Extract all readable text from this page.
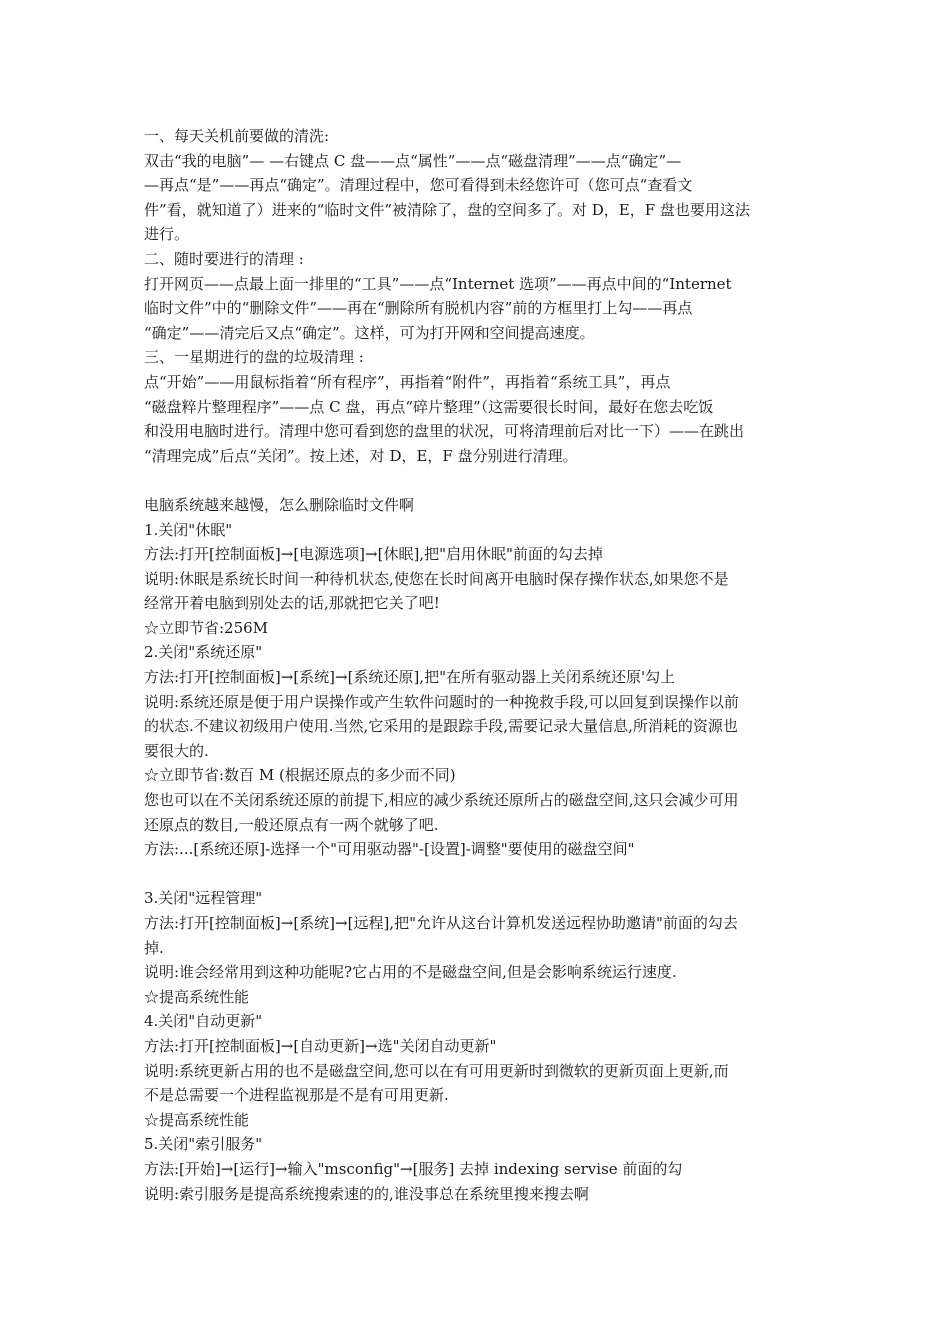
一、每天关机前要做的清洗:
双击“我的电脑”— —右键点 C 盘——点“属性”——点“磁盘清理”——点“确定”—
—再点“是”——再点“确定”。清理过程中，您可看得到未经您许可（您可点“查看文
件”看，就知道了）进来的“临时文件”被清除了，盘的空间多了。对 D，E，F 盘也要用这法
进行。
二、随时要进行的清理 :
打开网页——点最上面一排里的“工具”——点“Internet 选项”——再点中间的“Internet
临时文件”中的“删除文件”——再在“删除所有脱机内容”前的方框里打上勾——再点
“确定”——清完后又点“确定”。这样，可为打开网和空间提高速度。
三、一星期进行的盘的垃圾清理 :
点“开始”——用鼠标指着“所有程序”，再指着“附件”，再指着“系统工具”，再点
“磁盘粹片整理程序”——点 C 盘，再点“碎片整理”（这需要很长时间，最好在您去吃饭
和没用电脑时进行。清理中您可看到您的盘里的状况，可将清理前后对比一下）——在跳出
“清理完成”后点“关闭”。按上述，对 D，E，F 盘分别进行清理。
电脑系统越来越慢，怎么删除临时文件啊
1.关闭"休眠"
方法:打开[控制面板]→[电源选项]→[休眠],把"启用休眠"前面的勾去掉
说明:休眠是系统长时间一种待机状态,使您在长时间离开电脑时保存操作状态,如果您不是
经常开着电脑到别处去的话,那就把它关了吧!
☆立即节省:256M
2.关闭"系统还原"
方法:打开[控制面板]→[系统]→[系统还原],把"在所有驱动器上关闭系统还原'勾上
说明:系统还原是便于用户误操作或产生软件问题时的一种挽救手段,可以回复到误操作以前
的状态.不建议初级用户使用.当然,它采用的是跟踪手段,需要记录大量信息,所消耗的资源也
要很大的.
☆立即节省:数百 M (根据还原点的多少而不同)
您也可以在不关闭系统还原的前提下,相应的减少系统还原所占的磁盘空间,这只会减少可用
还原点的数目,一般还原点有一两个就够了吧.
方法:...[系统还原]-选择一个"可用驱动器"-[设置]-调整"要使用的磁盘空间"
3.关闭"远程管理"
方法:打开[控制面板]→[系统]→[远程],把"允许从这台计算机发送远程协助邀请"前面的勾去
掉.
说明:谁会经常用到这种功能呢?它占用的不是磁盘空间,但是会影响系统运行速度.
☆提高系统性能
4.关闭"自动更新"
方法:打开[控制面板]→[自动更新]→选"关闭自动更新"
说明:系统更新占用的也不是磁盘空间,您可以在有可用更新时到微软的更新页面上更新,而
不是总需要一个进程监视那是不是有可用更新.
☆提高系统性能
5.关闭"索引服务"
方法:[开始]→[运行]→输入"msconfig"→[服务] 去掉 indexing servise 前面的勾
说明:索引服务是提高系统搜索速的的,谁没事总在系统里搜来搜去啊
